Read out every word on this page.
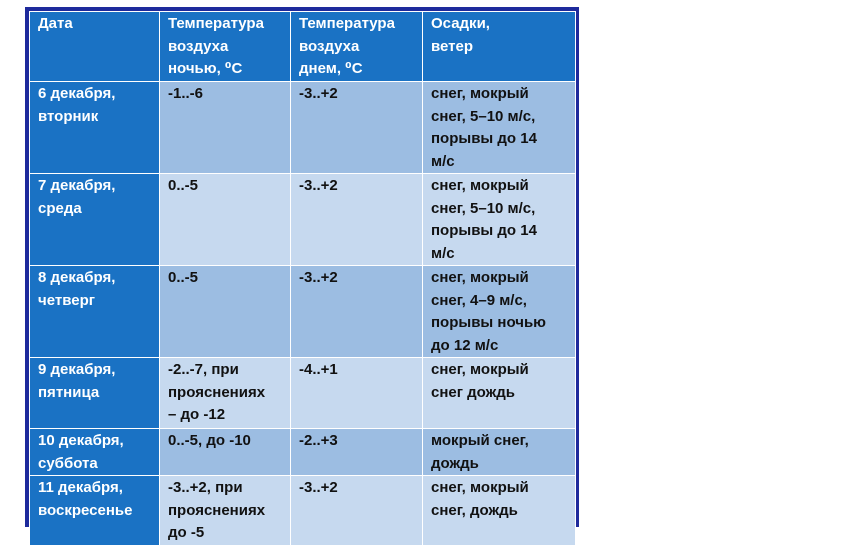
Дата	Температура
воздуха
ночью, ⁰С	Температура
воздуха
днем, ⁰С	Осадки,
ветер

6 декабря,
вторник	-1..-6	-3..+2	снег, мокрый
снег, 5–10 м/с,
порывы до 14
м/с

7 декабря,
среда	0..-5	-3..+2	снег, мокрый
снег, 5–10 м/с,
порывы до 14
м/с

8 декабря,
четверг	0..-5	-3..+2	снег, мокрый
снег, 4–9 м/с,
порывы ночью
до 12 м/с

9 декабря,
пятница	-2..-7, при
прояснениях
– до -12	-4..+1	снег, мокрый
снег дождь

10 декабря,
суббота	0..-5, до -10	-2..+3	мокрый снег,
дождь

11 декабря,
воскресенье	-3..+2, при
прояснениях
до -5	-3..+2	снег, мокрый
снег, дождь
